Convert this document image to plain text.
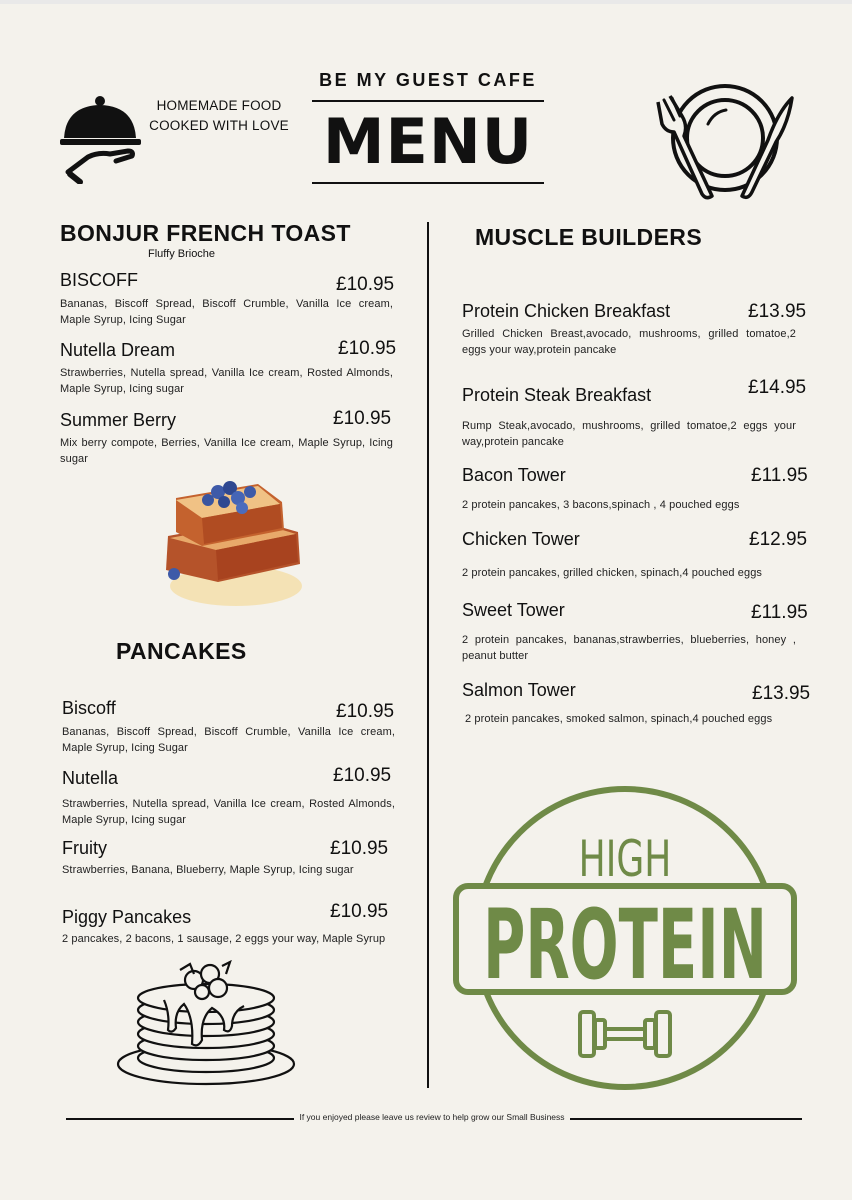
HOMEMADE FOOD
COOKED WITH LOVE
BE MY GUEST CAFE
MENU
BONJUR FRENCH TOAST
Fluffy Brioche
BISCOFF	£10.95
Bananas, Biscoff Spread, Biscoff Crumble, Vanilla Ice cream, Maple Syrup, Icing Sugar
Nutella Dream	£10.95
Strawberries, Nutella spread, Vanilla Ice cream, Rosted Almonds, Maple Syrup, Icing sugar
Summer Berry	£10.95
Mix berry compote, Berries, Vanilla Ice cream, Maple Syrup, Icing sugar
PANCAKES
Biscoff	£10.95
Bananas, Biscoff Spread, Biscoff Crumble, Vanilla Ice cream, Maple Syrup, Icing Sugar
Nutella	£10.95
Strawberries, Nutella spread, Vanilla Ice cream, Rosted Almonds, Maple Syrup, Icing sugar
Fruity	£10.95
Strawberries, Banana, Blueberry, Maple Syrup, Icing sugar
Piggy Pancakes	£10.95
2 pancakes, 2 bacons, 1 sausage, 2 eggs your way, Maple Syrup
MUSCLE BUILDERS
Protein Chicken Breakfast	£13.95
Grilled Chicken Breast,avocado, mushrooms, grilled tomatoe,2 eggs your way,protein pancake
Protein Steak Breakfast	£14.95
Rump Steak,avocado, mushrooms, grilled tomatoe,2 eggs your way,protein pancake
Bacon Tower	£11.95
2 protein pancakes, 3 bacons,spinach , 4 pouched eggs
Chicken Tower	£12.95
2 protein pancakes, grilled chicken, spinach,4 pouched eggs
Sweet Tower	£11.95
2 protein pancakes, bananas,strawberries, blueberries, honey , peanut butter
Salmon Tower	£13.95
2 protein pancakes, smoked salmon, spinach,4 pouched eggs
HIGH
PROTEIN
If you enjoyed please leave us review to help grow our Small Business
